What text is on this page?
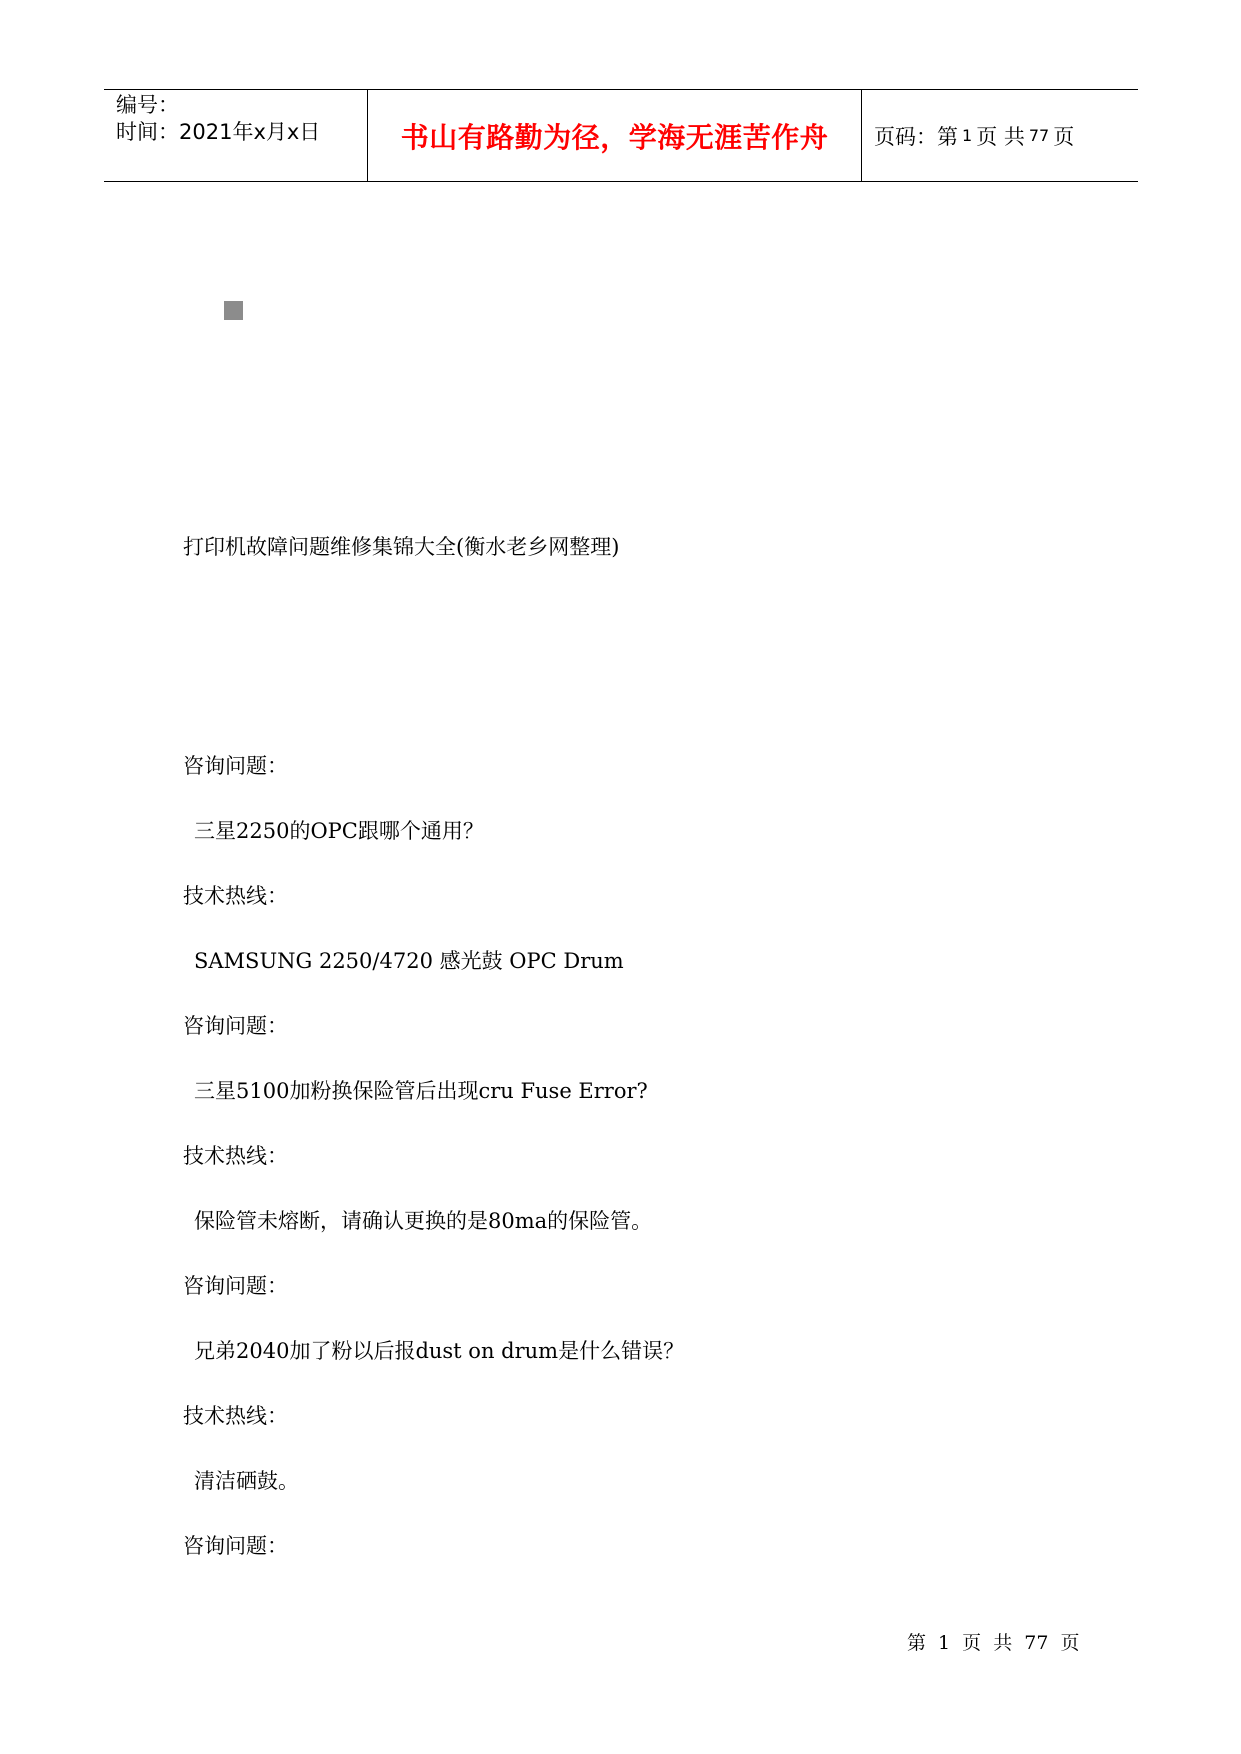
编号：
时间：2021年x月x日	书山有路勤为径，学海无涯苦作舟 页码：第 1 页 共 77 页
打印机故障问题维修集锦大全(衡水老乡网整理)
咨询问题：
三星2250的OPC跟哪个通用？
技术热线：
SAMSUNG 2250/4720 感光鼓 OPC Drum
咨询问题：
三星5100加粉换保险管后出现cru Fuse Error?
技术热线：
保险管未熔断，请确认更换的是80ma的保险管。
咨询问题：
兄弟2040加了粉以后报dust on drum是什么错误？
技术热线：
清洁硒鼓。
咨询问题：
第 1 页 共 77 页
